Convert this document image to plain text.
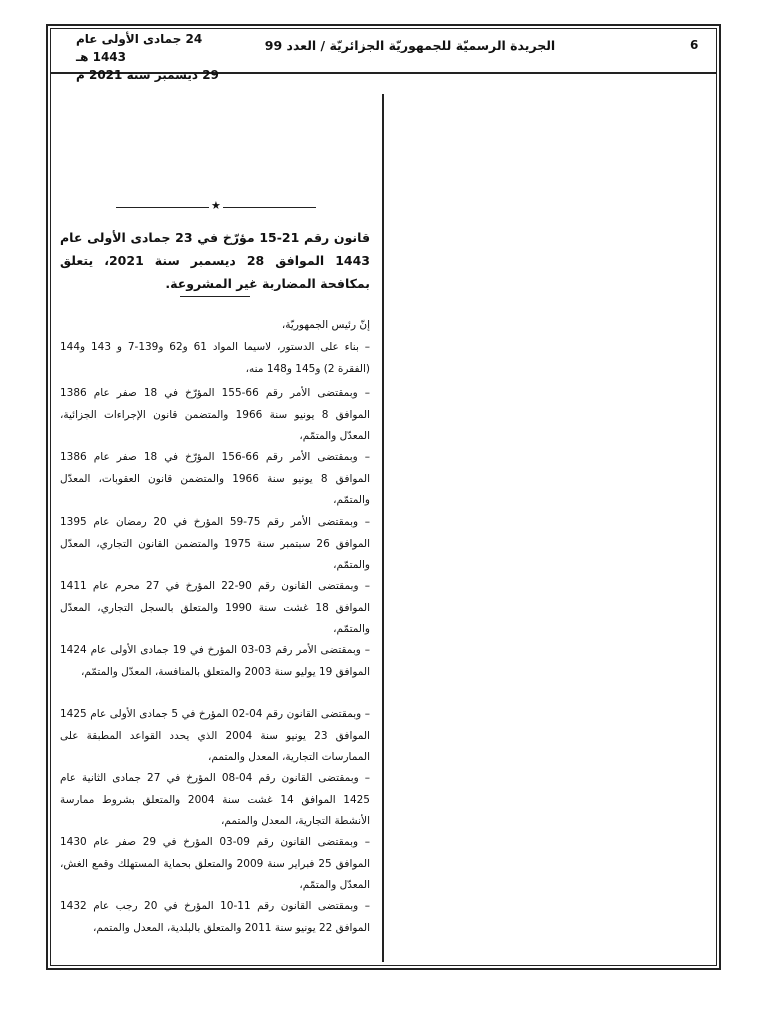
6
الجريدة الرسميّة للجمهوريّة الجزائريّة / العدد 99
24 جمادى الأولى عام 1443 هـ
29 ديسمبر سنة 2021 م
★
قانون رقم 21-15 مؤرّخ في 23 جمادى الأولى عام 1443 الموافق 28 ديسمبر سنة 2021، يتعلق بمكافحة المضاربة غير المشروعة.
إنّ رئيس الجمهوريّة،
– بناء على الدستور، لاسيما المواد 61 و62 و139-7 و 143 و144 (الفقرة 2) و145 و148 منه،
– وبمقتضى الأمر رقم 66-155 المؤرّخ في 18 صفر عام 1386 الموافق 8 يونيو سنة 1966 والمتضمن قانون الإجراءات الجزائية، المعدّل والمتمّم،
– وبمقتضى الأمر رقم 66-156 المؤرّخ في 18 صفر عام 1386 الموافق 8 يونيو سنة 1966 والمتضمن قانون العقوبات، المعدّل والمتمّم،
– وبمقتضى الأمر رقم 75-59 المؤرخ في 20 رمضان عام 1395 الموافق 26 سبتمبر سنة 1975 والمتضمن القانون التجاري، المعدّل والمتمّم،
– وبمقتضى القانون رقم 90-22 المؤرخ في 27 محرم عام 1411 الموافق 18 غشت سنة 1990 والمتعلق بالسجل التجاري، المعدّل والمتمّم،
– وبمقتضى الأمر رقم 03-03 المؤرخ في 19 جمادى الأولى عام 1424 الموافق 19 يوليو سنة 2003 والمتعلق بالمنافسة، المعدّل والمتمّم،
– وبمقتضى القانون رقم 04-02 المؤرخ في 5 جمادى الأولى عام 1425 الموافق 23 يونيو سنة 2004 الذي يحدد القواعد المطبقة على الممارسات التجارية، المعدل والمتمم،
– وبمقتضى القانون رقم 04-08 المؤرخ في 27 جمادى الثانية عام 1425 الموافق 14 غشت سنة 2004 والمتعلق بشروط ممارسة الأنشطة التجارية، المعدل والمتمم،
– وبمقتضى القانون رقم 09-03 المؤرخ في 29 صفر عام 1430 الموافق 25 فبراير سنة 2009 والمتعلق بحماية المستهلك وقمع الغش، المعدّل والمتمّم،
– وبمقتضى القانون رقم 11-10 المؤرخ في 20 رجب عام 1432 الموافق 22 يونيو سنة 2011 والمتعلق بالبلدية، المعدل والمتمم،
